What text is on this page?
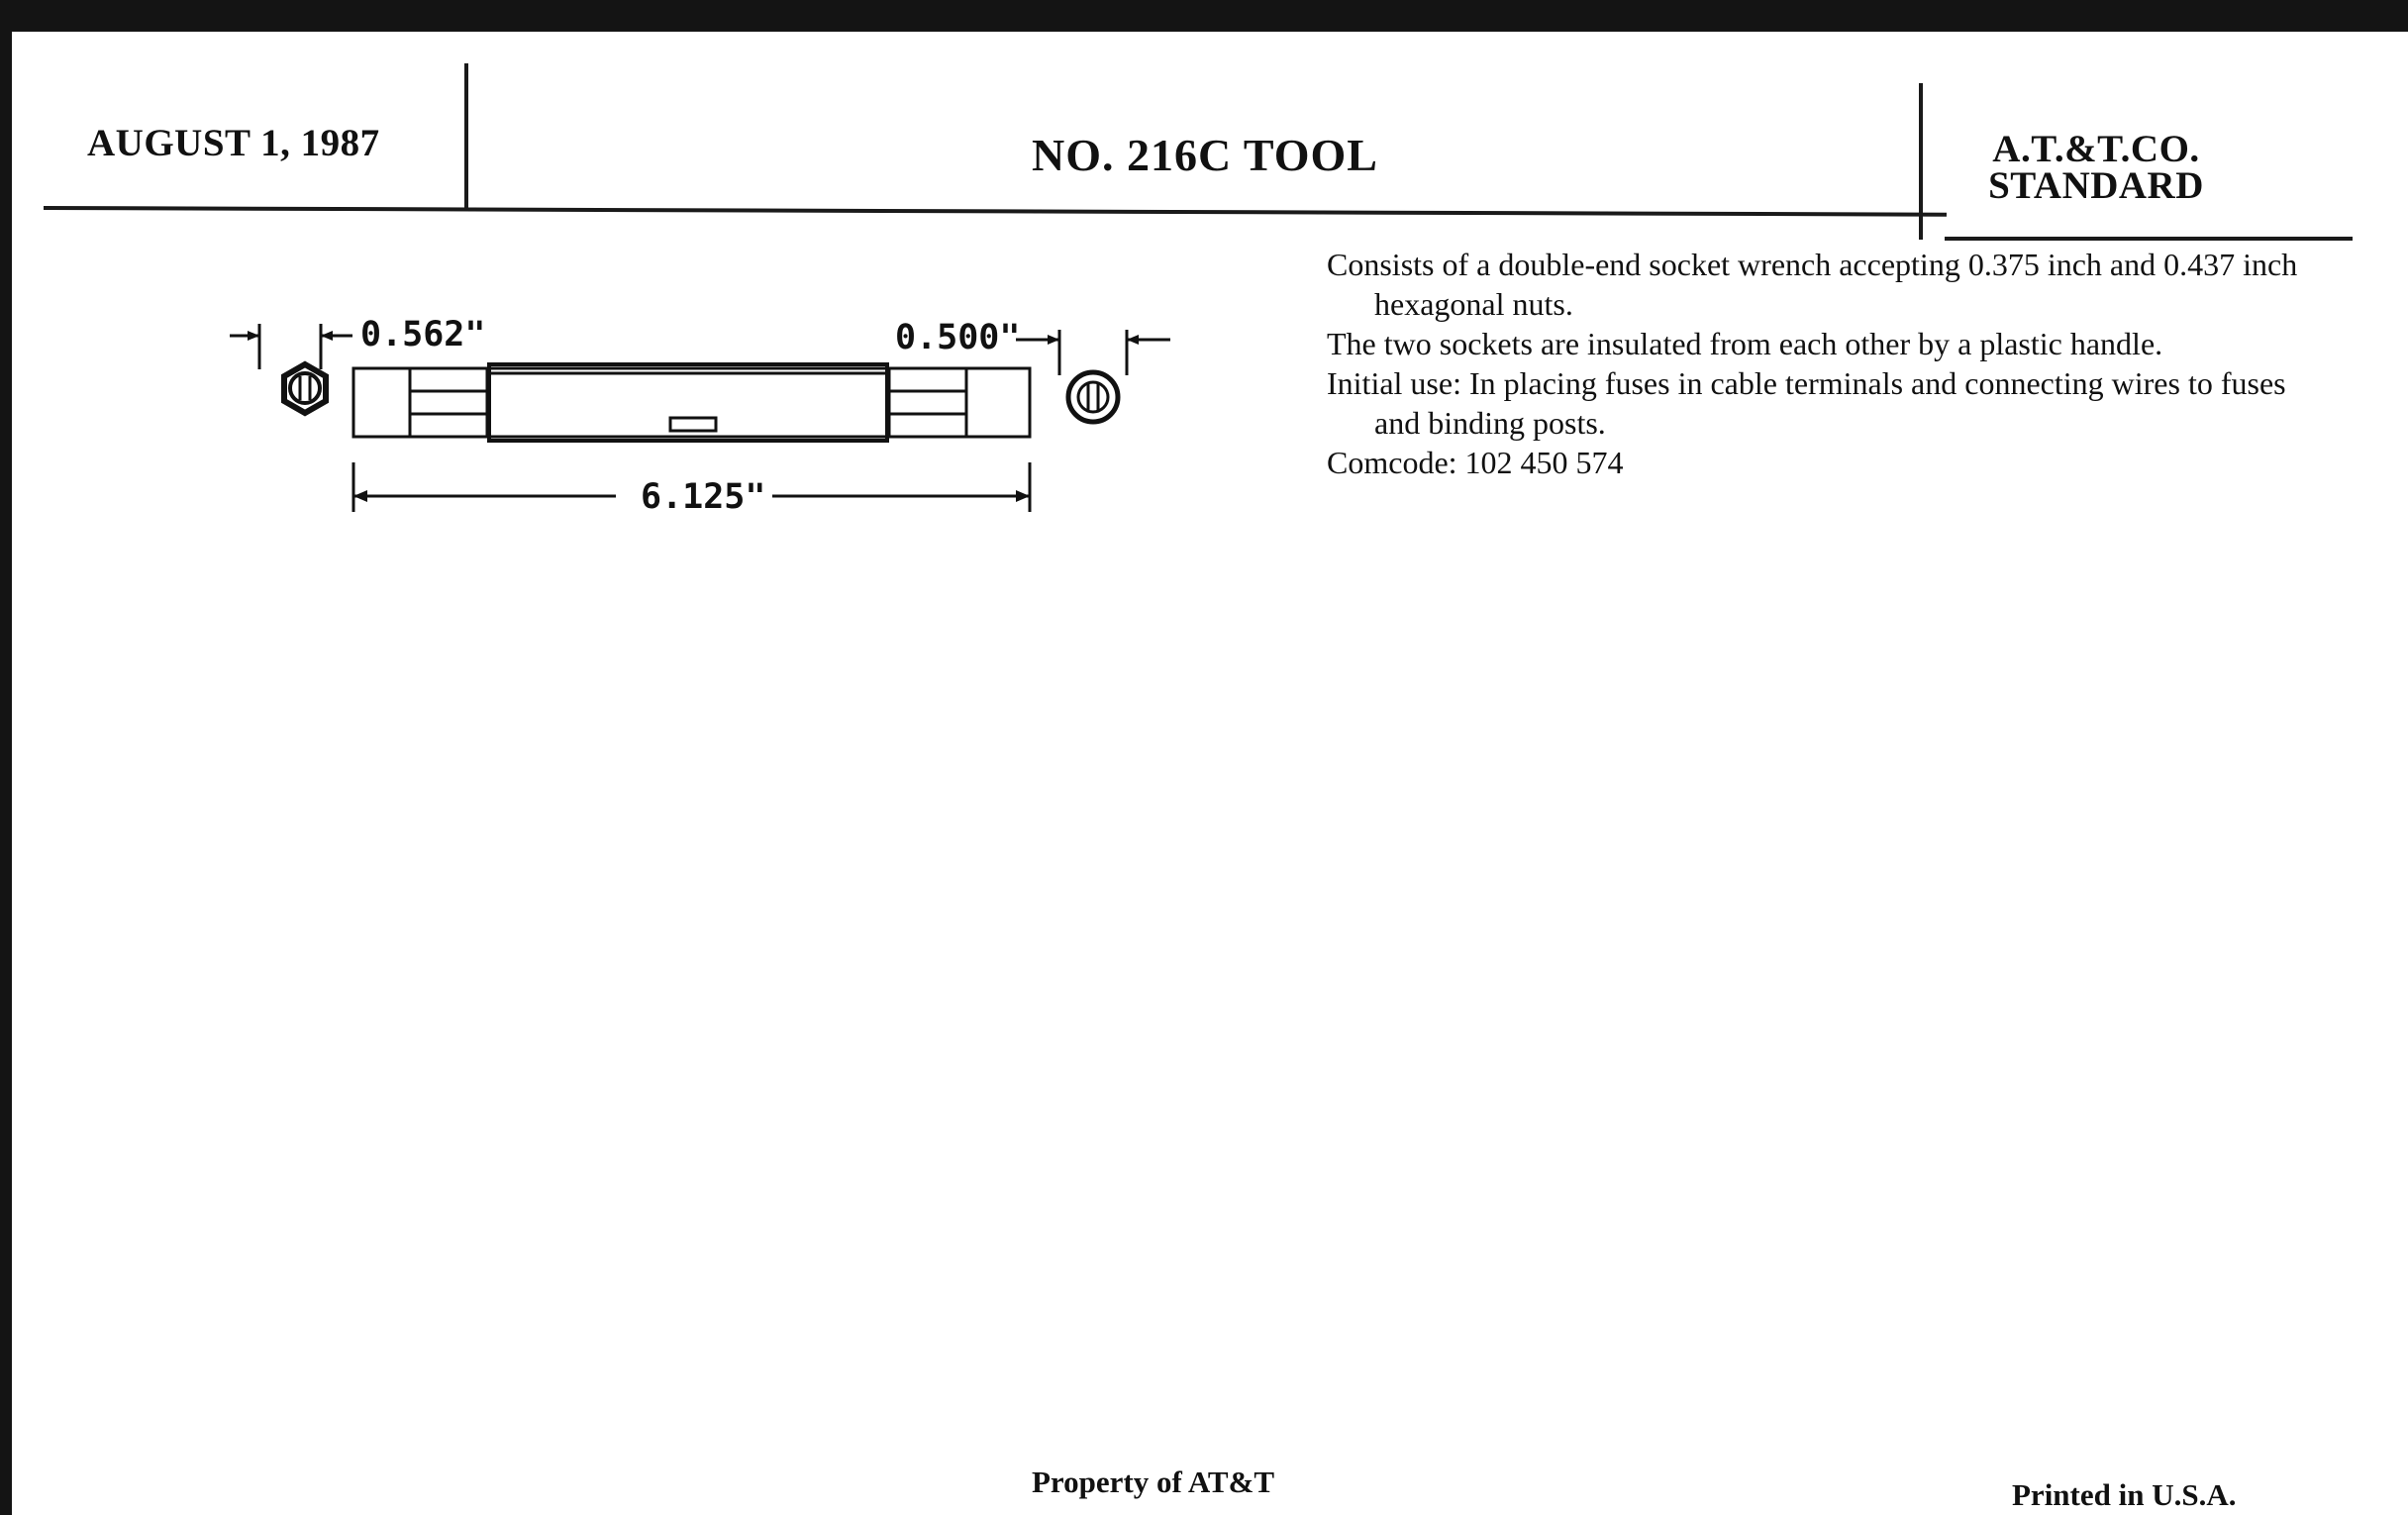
AUGUST 1, 1987	NO. 216C TOOL	A.T.&T.CO.
STANDARD
0.562"	0.500"
6.125"

Consists of a double-end socket wrench accepting 0.375 inch and 0.437 inch hexagonal nuts.

The two sockets are insulated from each other by a plastic handle.

Initial use: In placing fuses in cable terminals and connecting wires to fuses and binding posts.

Comcode: 102 450 574

Property of AT&T	Printed in U.S.A.
